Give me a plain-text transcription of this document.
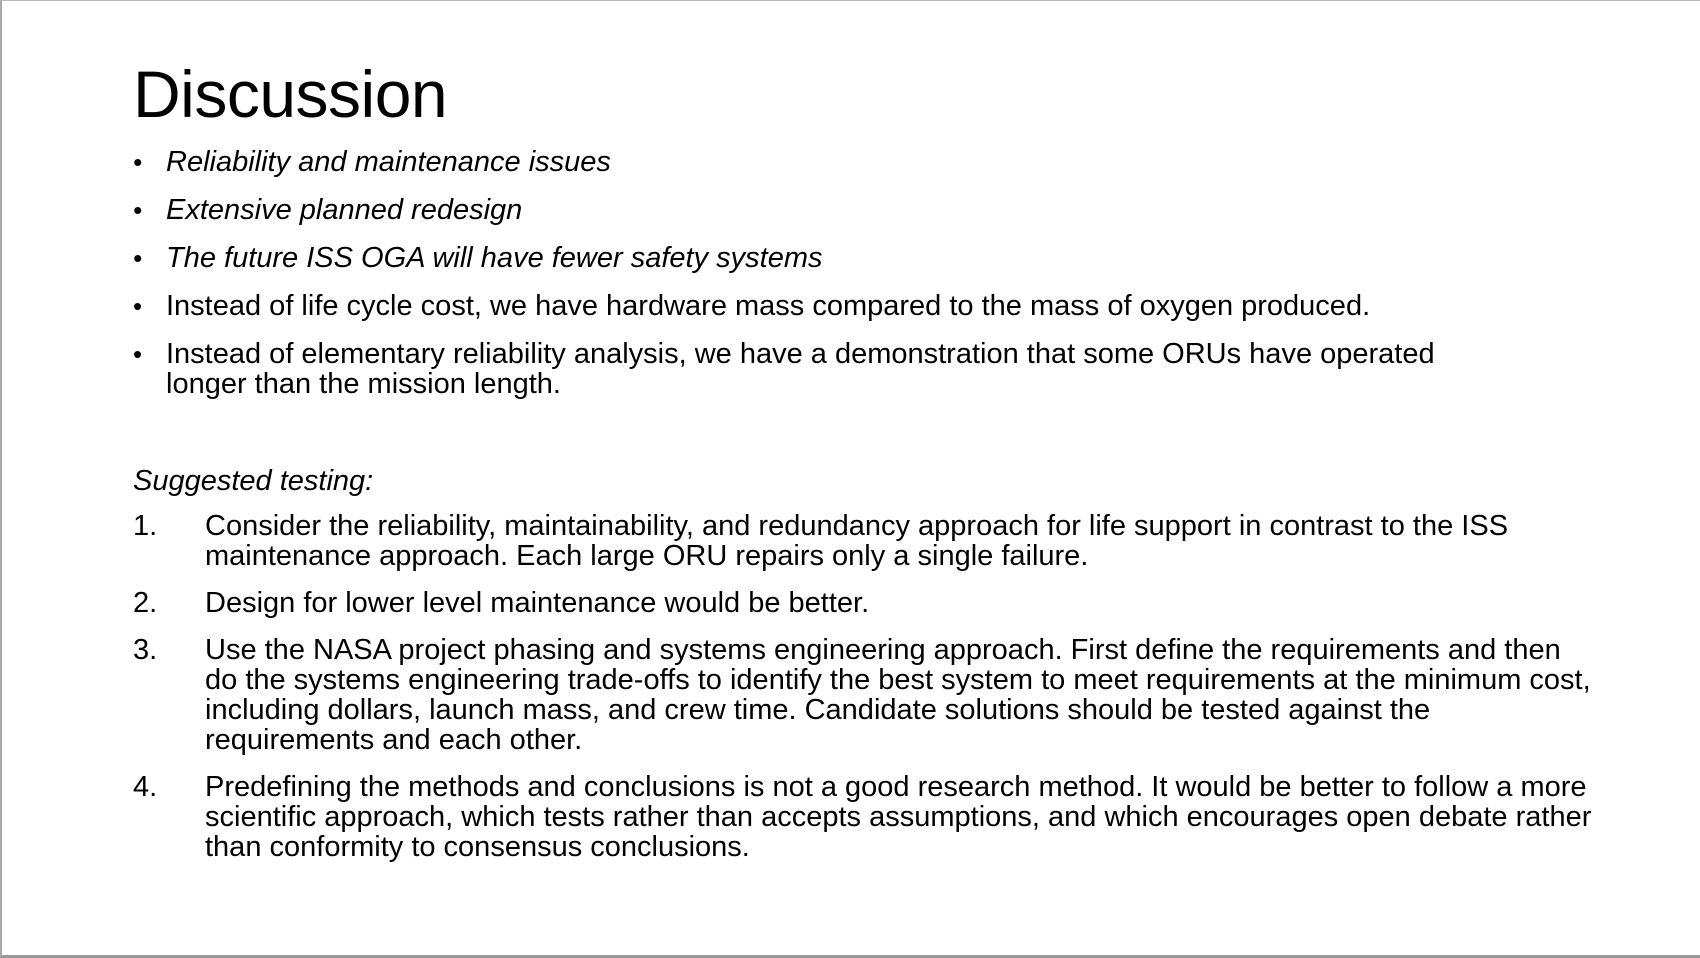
Discussion
• Reliability and maintenance issues
• Extensive planned redesign
• The future ISS OGA will have fewer safety systems
• Instead of life cycle cost, we have hardware mass compared to the mass of oxygen produced.
• Instead of elementary reliability analysis, we have a demonstration that some ORUs have operated longer than the mission length.

Suggested testing:

1. Consider the reliability, maintainability, and redundancy approach for life support in contrast to the ISS maintenance approach. Each large ORU repairs only a single failure.
2. Design for lower level maintenance would be better.
3. Use the NASA project phasing and systems engineering approach. First define the requirements and then do the systems engineering trade-offs to identify the best system to meet requirements at the minimum cost, including dollars, launch mass, and crew time. Candidate solutions should be tested against the requirements and each other.
4. Predefining the methods and conclusions is not a good research method. It would be better to follow a more scientific approach, which tests rather than accepts assumptions, and which encourages open debate rather than conformity to consensus conclusions.
